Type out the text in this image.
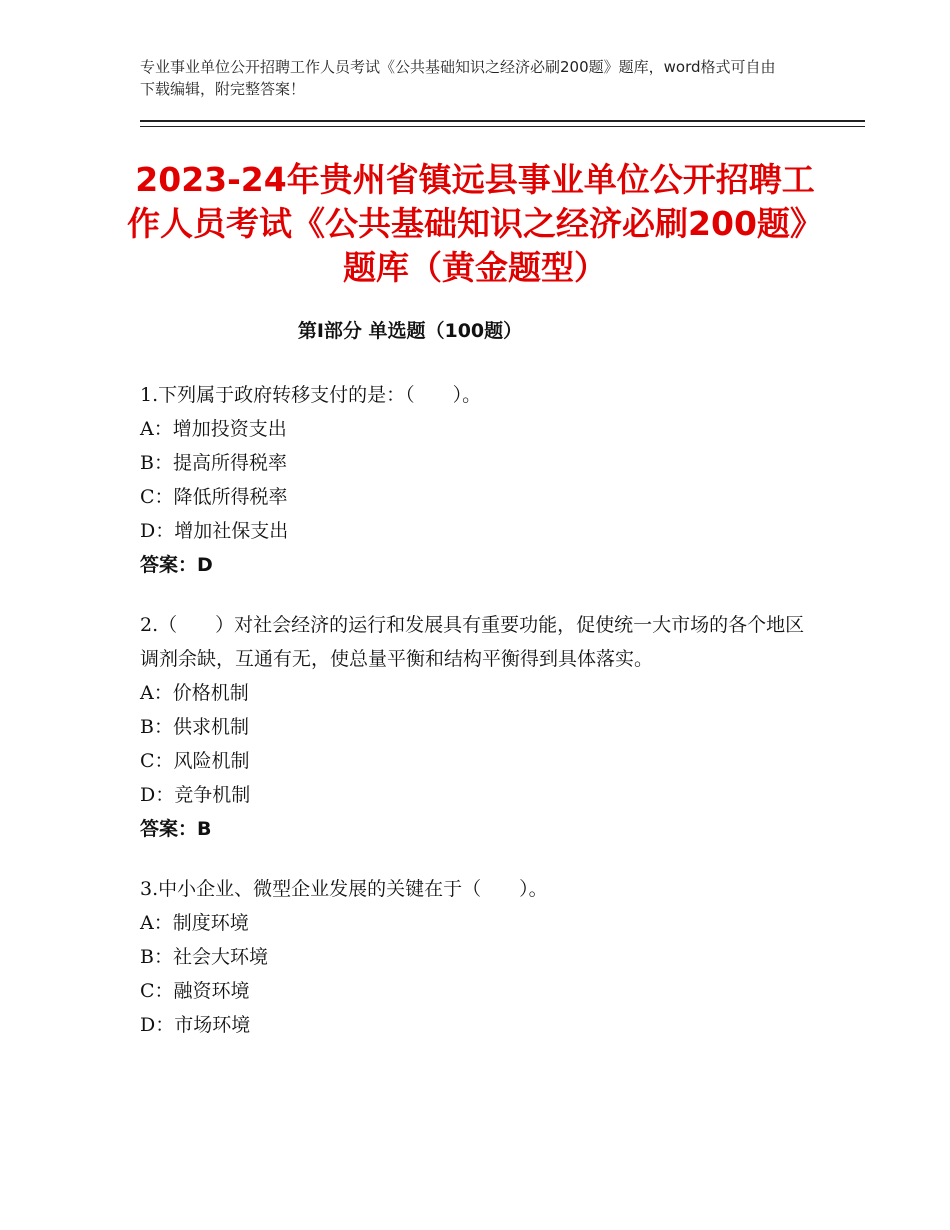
专业事业单位公开招聘工作人员考试《公共基础知识之经济必刷200题》题库，word格式可自由下载编辑，附完整答案！
2023-24年贵州省镇远县事业单位公开招聘工作人员考试《公共基础知识之经济必刷200题》题库（黄金题型）
第Ⅰ部分 单选题（100题）

1.下列属于政府转移支付的是：（　　）。

A：增加投资支出

B：提高所得税率

C：降低所得税率

D：增加社保支出

答案：D

2.（　　）对社会经济的运行和发展具有重要功能，促使统一大市场的各个地区调剂余缺，互通有无，使总量平衡和结构平衡得到具体落实。

A：价格机制

B：供求机制

C：风险机制

D：竞争机制

答案：B

3.中小企业、微型企业发展的关键在于（　　）。

A：制度环境

B：社会大环境

C：融资环境

D：市场环境
